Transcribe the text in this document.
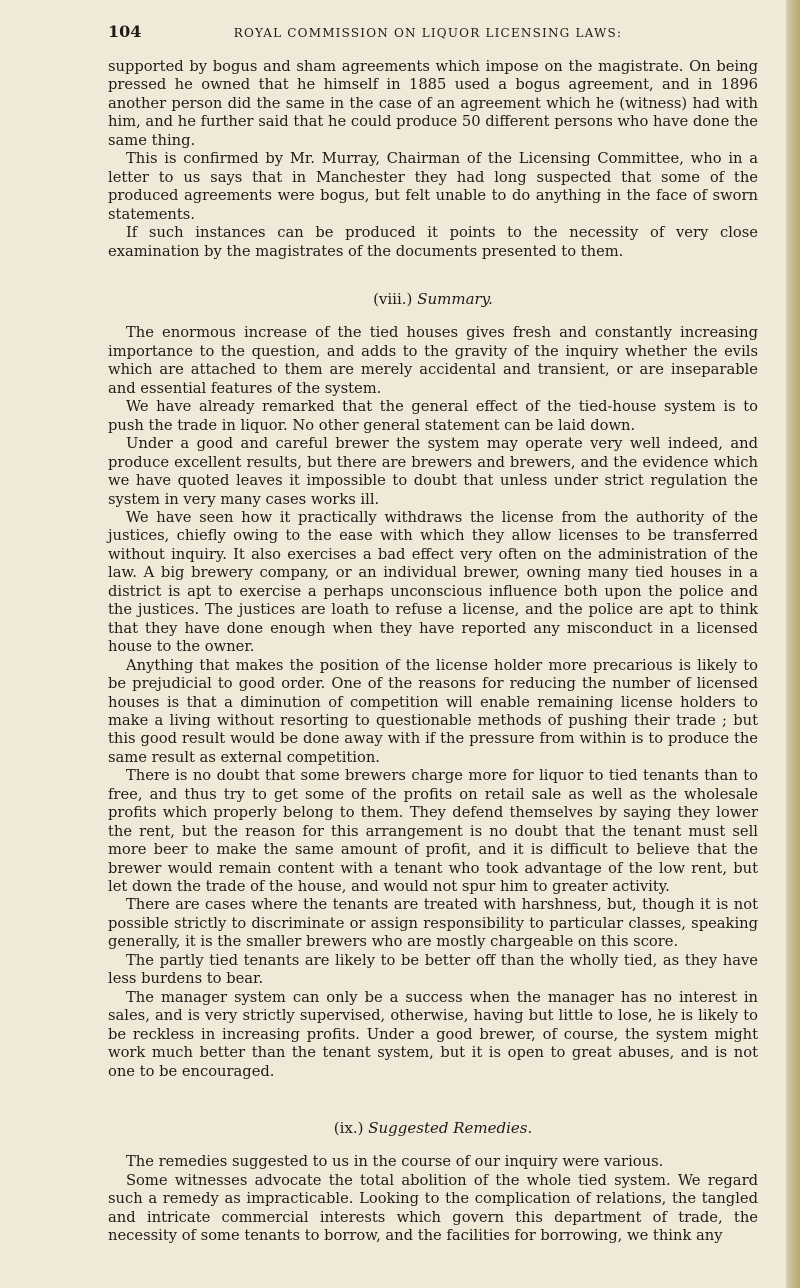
104	ROYAL COMMISSION ON LIQUOR LICENSING LAWS:

supported by bogus and sham agreements which impose on the magistrate. On being pressed he owned that he himself in 1885 used a bogus agreement, and in 1896 another person did the same in the case of an agreement which he (witness) had with him, and he further said that he could produce 50 different persons who have done the same thing.

This is confirmed by Mr. Murray, Chairman of the Licensing Committee, who in a letter to us says that in Manchester they had long suspected that some of the produced agreements were bogus, but felt unable to do anything in the face of sworn statements.

If such instances can be produced it points to the necessity of very close examination by the magistrates of the documents presented to them.

(viii.) Summary.

The enormous increase of the tied houses gives fresh and constantly increasing importance to the question, and adds to the gravity of the inquiry whether the evils which are attached to them are merely accidental and transient, or are inseparable and essential features of the system.

We have already remarked that the general effect of the tied-house system is to push the trade in liquor. No other general statement can be laid down.

Under a good and careful brewer the system may operate very well indeed, and produce excellent results, but there are brewers and brewers, and the evidence which we have quoted leaves it impossible to doubt that unless under strict regulation the system in very many cases works ill.

We have seen how it practically withdraws the license from the authority of the justices, chiefly owing to the ease with which they allow licenses to be transferred without inquiry. It also exercises a bad effect very often on the administration of the law. A big brewery company, or an individual brewer, owning many tied houses in a district is apt to exercise a perhaps unconscious influence both upon the police and the justices. The justices are loath to refuse a license, and the police are apt to think that they have done enough when they have reported any misconduct in a licensed house to the owner.

Anything that makes the position of the license holder more precarious is likely to be prejudicial to good order. One of the reasons for reducing the number of licensed houses is that a diminution of competition will enable remaining license holders to make a living without resorting to questionable methods of pushing their trade ; but this good result would be done away with if the pressure from within is to produce the same result as external competition.

There is no doubt that some brewers charge more for liquor to tied tenants than to free, and thus try to get some of the profits on retail sale as well as the wholesale profits which properly belong to them. They defend themselves by saying they lower the rent, but the reason for this arrangement is no doubt that the tenant must sell more beer to make the same amount of profit, and it is difficult to believe that the brewer would remain content with a tenant who took advantage of the low rent, but let down the trade of the house, and would not spur him to greater activity.

There are cases where the tenants are treated with harshness, but, though it is not possible strictly to discriminate or assign responsibility to particular classes, speaking generally, it is the smaller brewers who are mostly chargeable on this score.

The partly tied tenants are likely to be better off than the wholly tied, as they have less burdens to bear.

The manager system can only be a success when the manager has no interest in sales, and is very strictly supervised, otherwise, having but little to lose, he is likely to be reckless in increasing profits. Under a good brewer, of course, the system might work much better than the tenant system, but it is open to great abuses, and is not one to be encouraged.

(ix.) Suggested Remedies.

The remedies suggested to us in the course of our inquiry were various.

Some witnesses advocate the total abolition of the whole tied system. We regard such a remedy as impracticable. Looking to the complication of relations, the tangled and intricate commercial interests which govern this department of trade, the necessity of some tenants to borrow, and the facilities for borrowing, we think any
